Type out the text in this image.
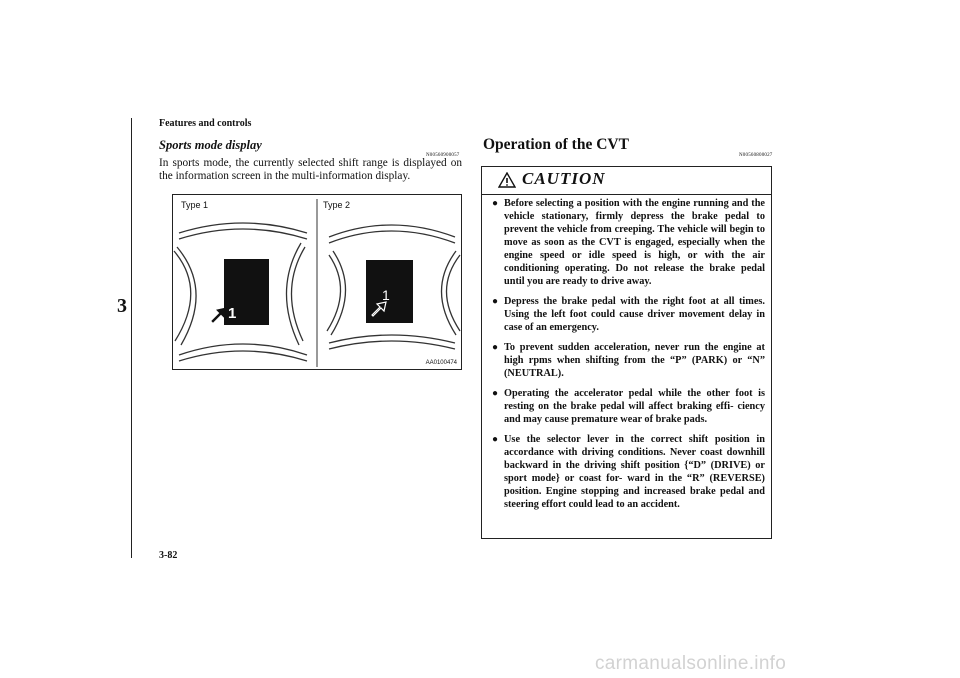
Features and controls
3
Sports mode display
N00560900057
In sports mode, the currently selected shift range is displayed on the information screen in the multi-information display.
Type 1	Type 2
1
1
AA0100474
Operation of the CVT
N00560800027
CAUTION
● Before selecting a position with the engine running and the vehicle stationary, firmly depress the brake pedal to prevent the vehicle from creeping. The vehicle will begin to move as soon as the CVT is engaged, especially when the engine speed or idle speed is high, or with the air conditioning operating. Do not release the brake pedal until you are ready to drive away.
● Depress the brake pedal with the right foot at all times. Using the left foot could cause driver movement delay in case of an emergency.
● To prevent sudden acceleration, never run the engine at high rpms when shifting from the “P” (PARK) or “N” (NEUTRAL).
● Operating the accelerator pedal while the other foot is resting on the brake pedal will affect braking effi- ciency and may cause premature wear of brake pads.
● Use the selector lever in the correct shift position in accordance with driving conditions. Never coast downhill backward in the driving shift position {“D” (DRIVE) or sport mode} or coast for- ward in the “R” (REVERSE) position. Engine stopping and increased brake pedal and steering effort could lead to an accident.
3-82
carmanualsonline.info
